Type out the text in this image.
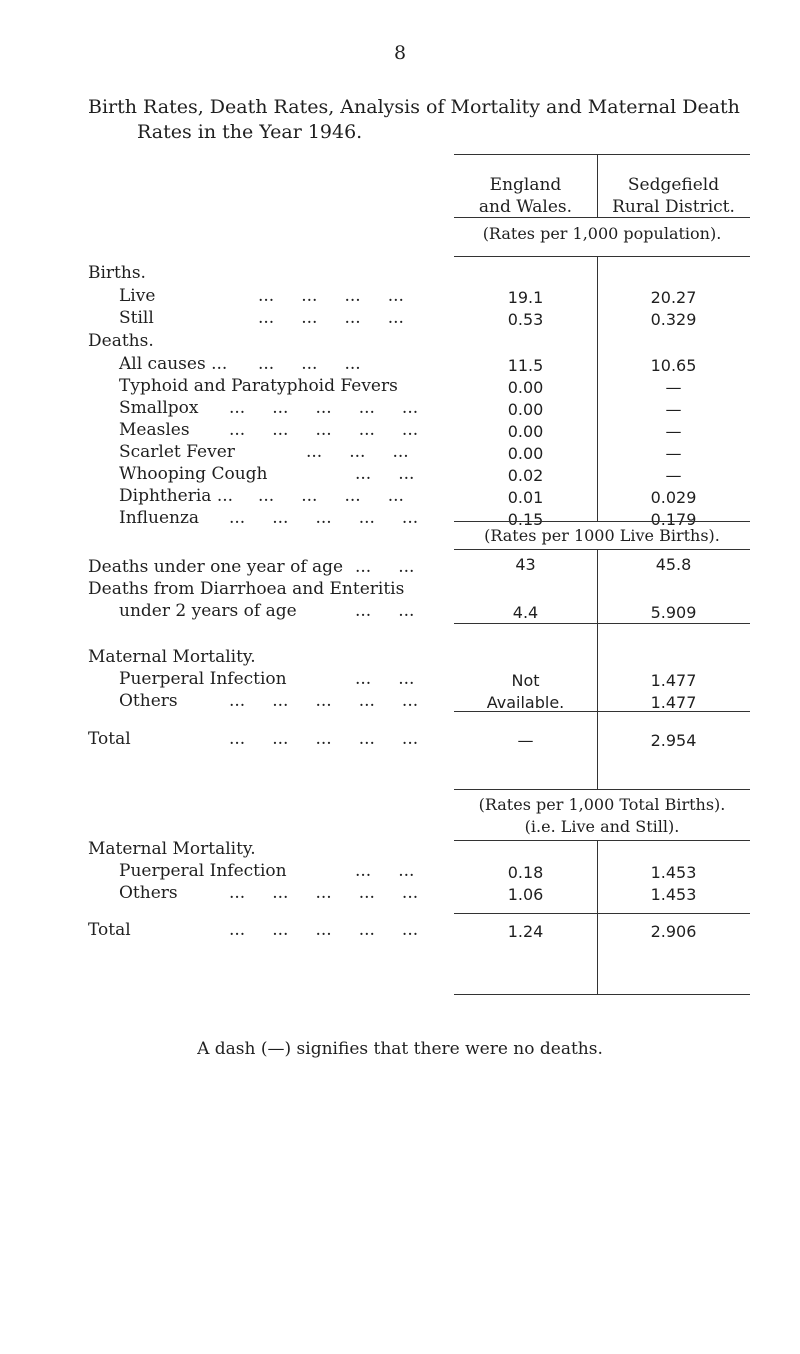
8
Birth Rates, Death Rates, Analysis of Mortality and Maternal Death
Rates in the Year 1946.
England
and Wales.
Sedgefield
Rural District.
(Rates per 1,000 population).
Births.
Live	...     ...     ...     ...	19.1	20.27
Still	...     ...     ...     ...	0.53	0.329
Deaths.
All causes ... ...     ...     ...	11.5	10.65
Typhoid and Paratyphoid Fevers	0.00	—
Smallpox ...     ...     ...     ...     ...	0.00	—
Measles ...     ...     ...     ...     ...	0.00	—
Scarlet Fever	...     ...     ...	0.00	—
Whooping Cough	...     ...	0.02	—
Diphtheria ... ...     ...     ...     ...	0.01	0.029
Influenza ...     ...     ...     ...     ...	0.15	0.179
(Rates per 1000 Live Births).
Deaths under one year of age ...     ...	43	45.8
Deaths from Diarrhoea and Enteritis
under 2 years of age	...     ...	4.4	5.909
Maternal Mortality.
Puerperal Infection	...     ...	Not	1.477
Others	...     ...     ...     ...     ...	Available.	1.477
Total	...     ...     ...     ...     ...	—	2.954
(Rates per 1,000 Total Births).
(i.e. Live and Still).
Maternal Mortality.
Puerperal Infection	...     ...	0.18	1.453
Others	...     ...     ...     ...     ...	1.06	1.453
Total	...     ...     ...     ...     ...	1.24	2.906
A dash (—) signifies that there were no deaths.
